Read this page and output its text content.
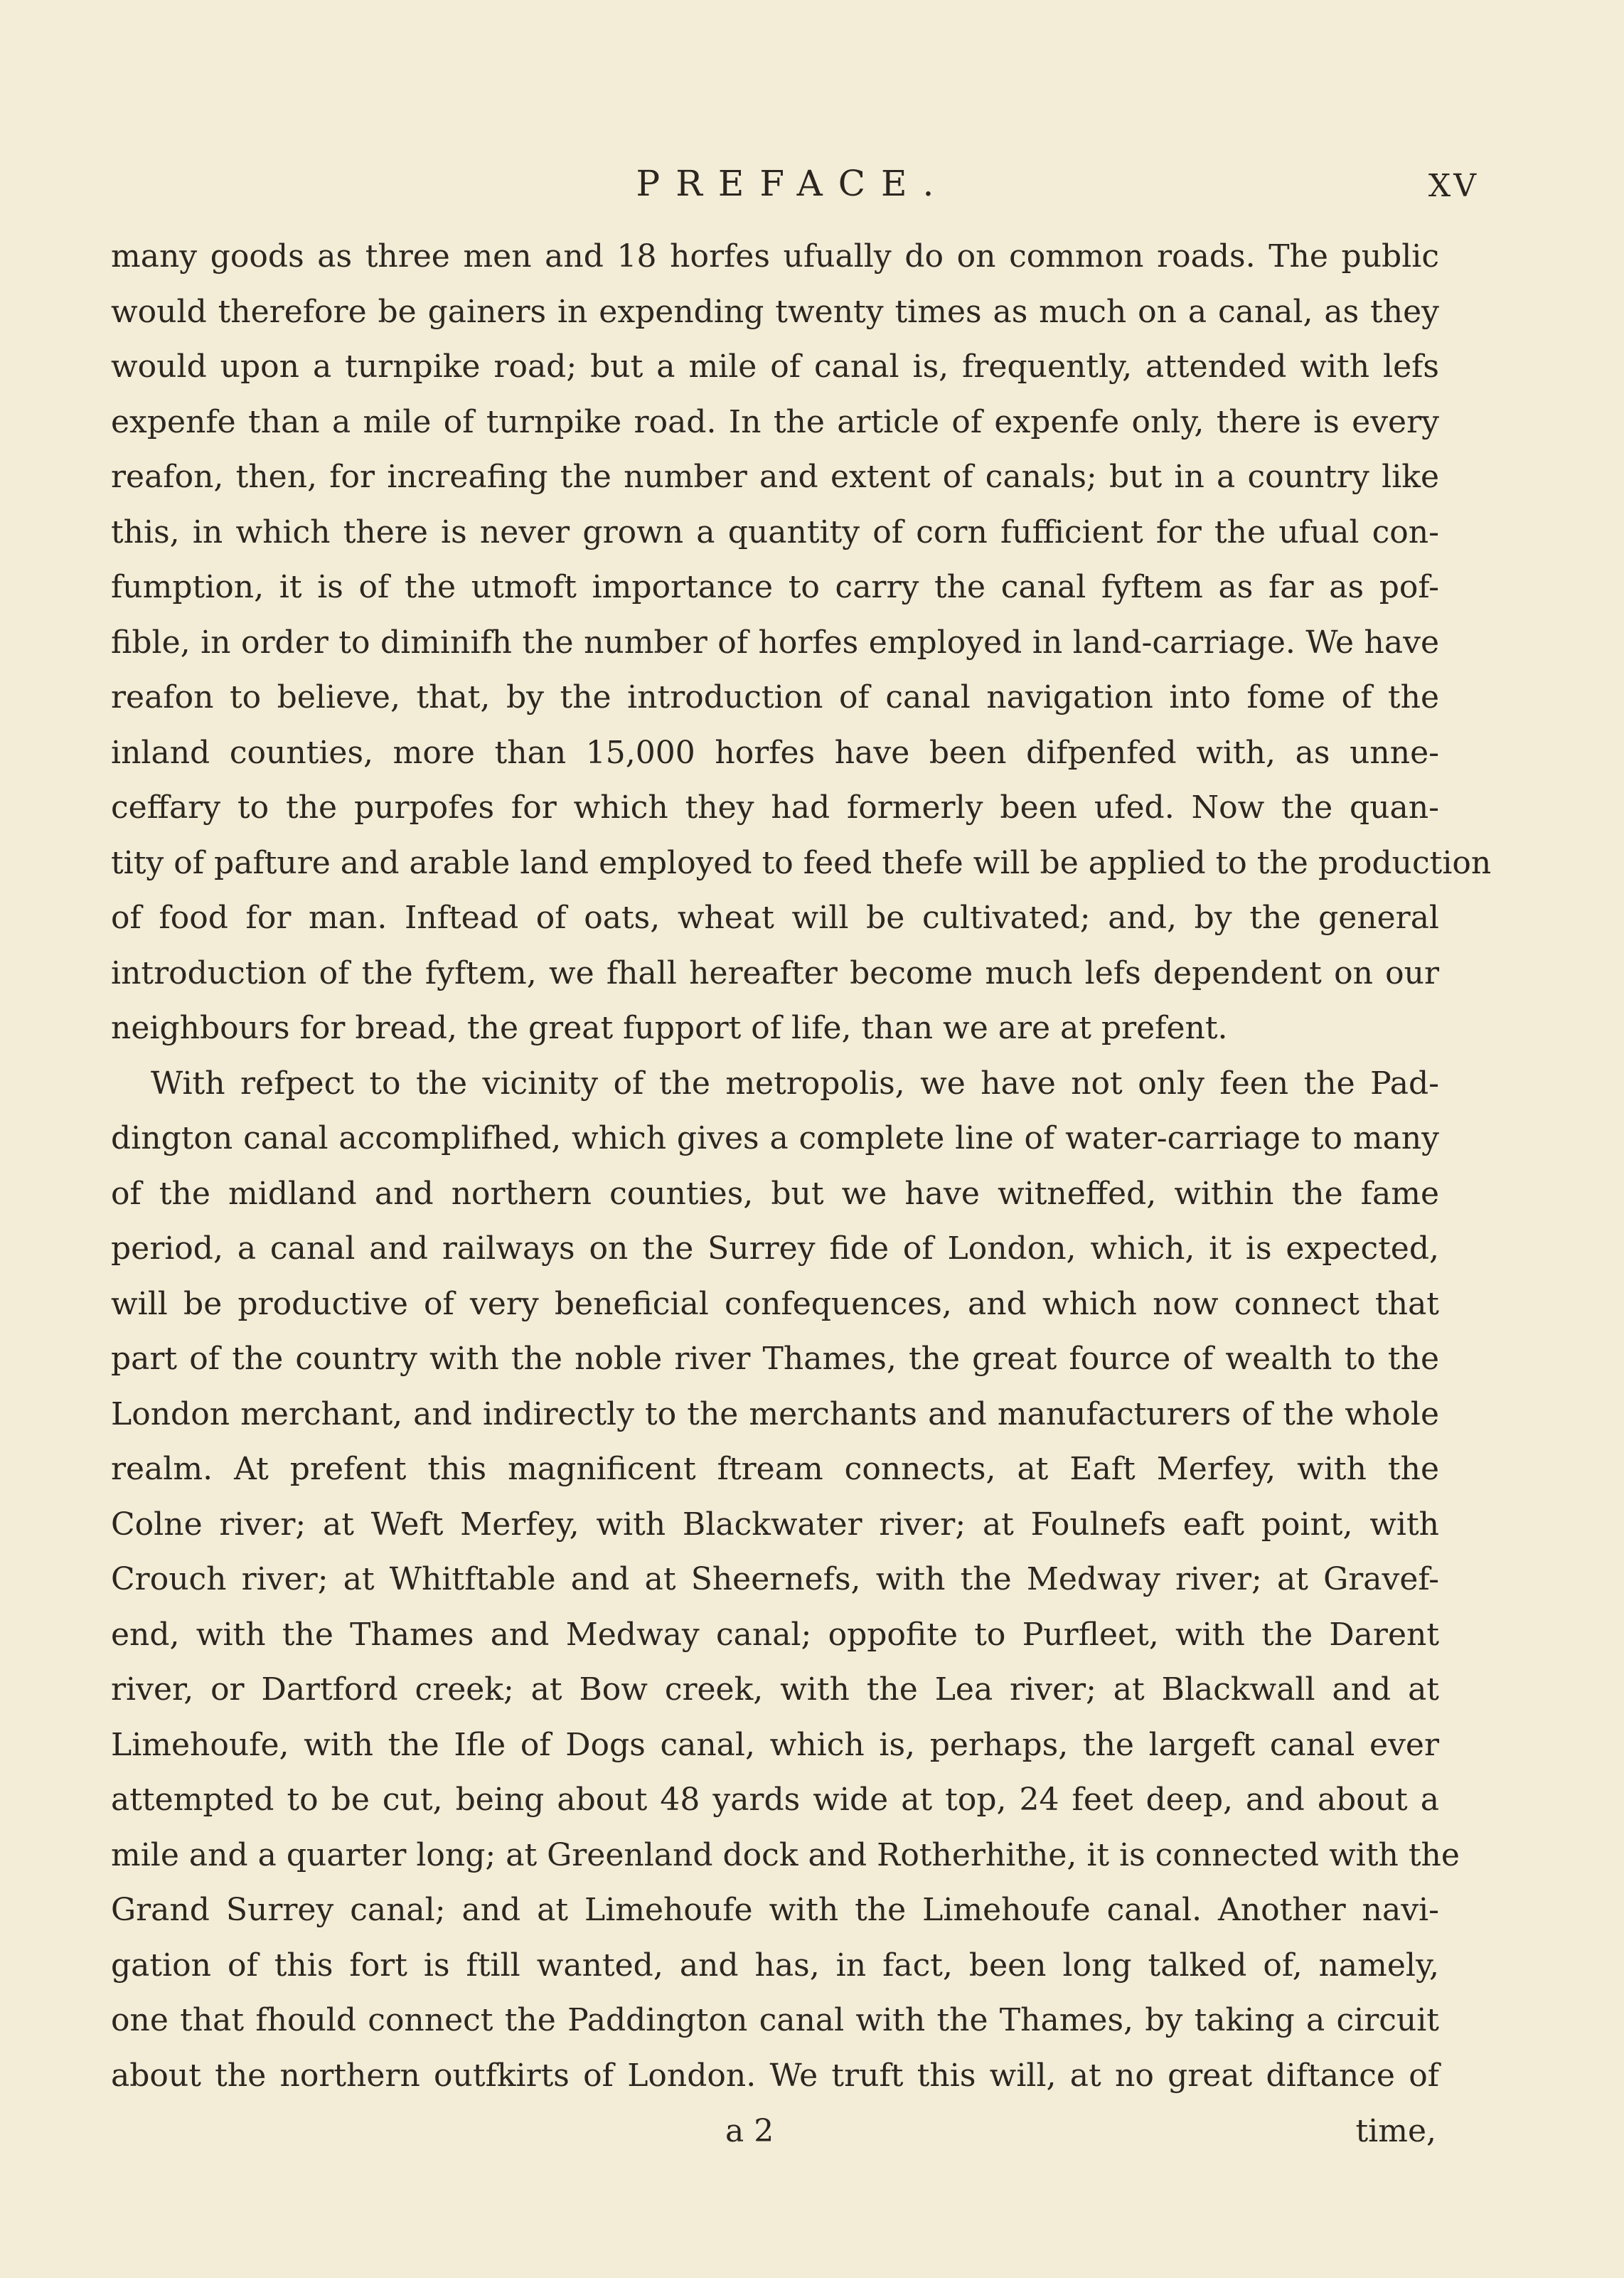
PREFACE.	XV
many goods as three men and 18 horfes ufually do on common roads. The public
would therefore be gainers in expending twenty times as much on a canal, as they
would upon a turnpike road; but a mile of canal is, frequently, attended with lefs
expenfe than a mile of turnpike road. In the article of expenfe only, there is every
reafon, then, for increafing the number and extent of canals; but in a country like
this, in which there is never grown a quantity of corn fufficient for the ufual con-
fumption, it is of the utmoft importance to carry the canal fyftem as far as pof-
fible, in order to diminifh the number of horfes employed in land-carriage. We have
reafon to believe, that, by the introduction of canal navigation into fome of the
inland counties, more than 15,000 horfes have been difpenfed with, as unne-
ceffary to the purpofes for which they had formerly been ufed. Now the quan-
tity of pafture and arable land employed to feed thefe will be applied to the production
of food for man. Inftead of oats, wheat will be cultivated; and, by the general
introduction of the fyftem, we fhall hereafter become much lefs dependent on our
neighbours for bread, the great fupport of life, than we are at prefent.
With refpect to the vicinity of the metropolis, we have not only feen the Pad-
dington canal accomplifhed, which gives a complete line of water-carriage to many
of the midland and northern counties, but we have witneffed, within the fame
period, a canal and railways on the Surrey fide of London, which, it is expected,
will be productive of very beneficial confequences, and which now connect that
part of the country with the noble river Thames, the great fource of wealth to the
London merchant, and indirectly to the merchants and manufacturers of the whole
realm. At prefent this magnificent ftream connects, at Eaft Merfey, with the
Colne river; at Weft Merfey, with Blackwater river; at Foulnefs eaft point, with
Crouch river; at Whitftable and at Sheernefs, with the Medway river; at Gravef-
end, with the Thames and Medway canal; oppofite to Purfleet, with the Darent
river, or Dartford creek; at Bow creek, with the Lea river; at Blackwall and at
Limehoufe, with the Ifle of Dogs canal, which is, perhaps, the largeft canal ever
attempted to be cut, being about 48 yards wide at top, 24 feet deep, and about a
mile and a quarter long; at Greenland dock and Rotherhithe, it is connected with the
Grand Surrey canal; and at Limehoufe with the Limehoufe canal. Another navi-
gation of this fort is ftill wanted, and has, in fact, been long talked of, namely,
one that fhould connect the Paddington canal with the Thames, by taking a circuit
about the northern outfkirts of London. We truft this will, at no great diftance of
a 2	time,
